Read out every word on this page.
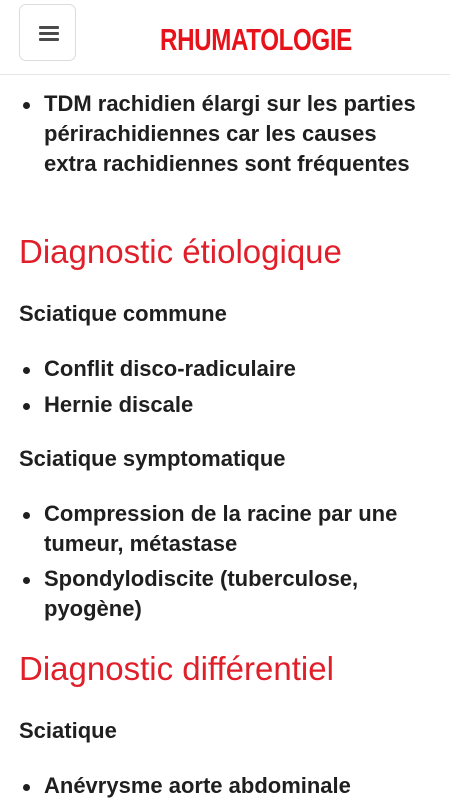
RHUMATOLOGIE
TDM rachidien élargi sur les parties périrachidiennes car les causes extra rachidiennes sont fréquentes
Diagnostic étiologique
Sciatique commune
Conflit disco-radiculaire
Hernie discale
Sciatique symptomatique
Compression de la racine par une tumeur, métastase
Spondylodiscite (tuberculose, pyogène)
Diagnostic différentiel
Sciatique
Anévrysme aorte abdominale
